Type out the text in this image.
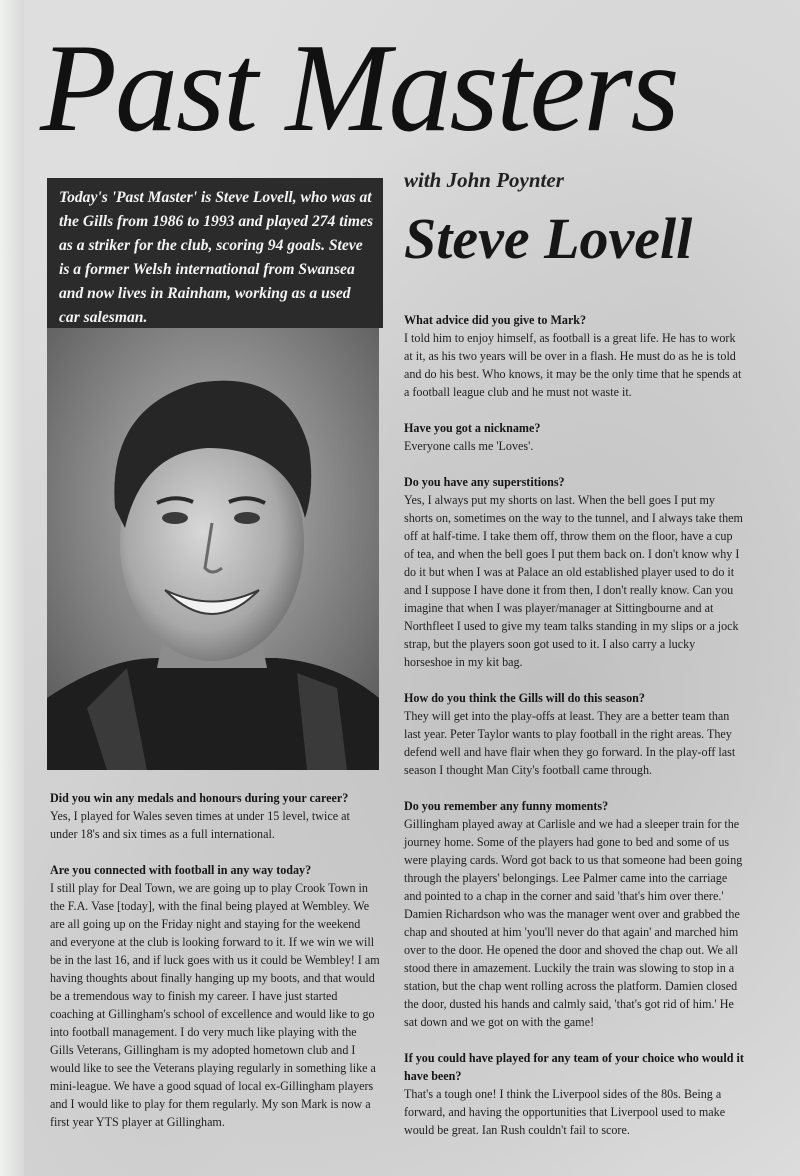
Past Masters
with John Poynter
Steve Lovell
Today's 'Past Master' is Steve Lovell, who was at the Gills from 1986 to 1993 and played 274 times as a striker for the club, scoring 94 goals. Steve is a former Welsh international from Swansea and now lives in Rainham, working as a used car salesman.

Did you win any medals and honours during your career?

Yes, I played for Wales seven times at under 15 level, twice at under 18's and six times as a full international.

Are you connected with football in any way today?

I still play for Deal Town, we are going up to play Crook Town in the F.A. Vase [today], with the final being played at Wembley. We are all going up on the Friday night and staying for the weekend and everyone at the club is looking forward to it. If we win we will be in the last 16, and if luck goes with us it could be Wembley! I am having thoughts about finally hanging up my boots, and that would be a tremendous way to finish my career. I have just started coaching at Gillingham's school of excellence and would like to go into football management. I do very much like playing with the Gills Veterans, Gillingham is my adopted hometown club and I would like to see the Veterans playing regularly in something like a mini-league. We have a good squad of local ex-Gillingham players and I would like to play for them regularly. My son Mark is now a first year YTS player at Gillingham.

What advice did you give to Mark?

I told him to enjoy himself, as football is a great life. He has to work at it, as his two years will be over in a flash. He must do as he is told and do his best. Who knows, it may be the only time that he spends at a football league club and he must not waste it.

Have you got a nickname?

Everyone calls me 'Loves'.

Do you have any superstitions?

Yes, I always put my shorts on last. When the bell goes I put my shorts on, sometimes on the way to the tunnel, and I always take them off at half-time. I take them off, throw them on the floor, have a cup of tea, and when the bell goes I put them back on. I don't know why I do it but when I was at Palace an old established player used to do it and I suppose I have done it from then, I don't really know. Can you imagine that when I was player/manager at Sittingbourne and at Northfleet I used to give my team talks standing in my slips or a jock strap, but the players soon got used to it. I also carry a lucky horseshoe in my kit bag.

How do you think the Gills will do this season?

They will get into the play-offs at least. They are a better team than last year. Peter Taylor wants to play football in the right areas. They defend well and have flair when they go forward. In the play-off last season I thought Man City's football came through.

Do you remember any funny moments?

Gillingham played away at Carlisle and we had a sleeper train for the journey home. Some of the players had gone to bed and some of us were playing cards. Word got back to us that someone had been going through the players' belongings. Lee Palmer came into the carriage and pointed to a chap in the corner and said 'that's him over there.' Damien Richardson who was the manager went over and grabbed the chap and shouted at him 'you'll never do that again' and marched him over to the door. He opened the door and shoved the chap out. We all stood there in amazement. Luckily the train was slowing to stop in a station, but the chap went rolling across the platform. Damien closed the door, dusted his hands and calmly said, 'that's got rid of him.' He sat down and we got on with the game!

If you could have played for any team of your choice who would it have been?

That's a tough one! I think the Liverpool sides of the 80s. Being a forward, and having the opportunities that Liverpool used to make would be great. Ian Rush couldn't fail to score.
